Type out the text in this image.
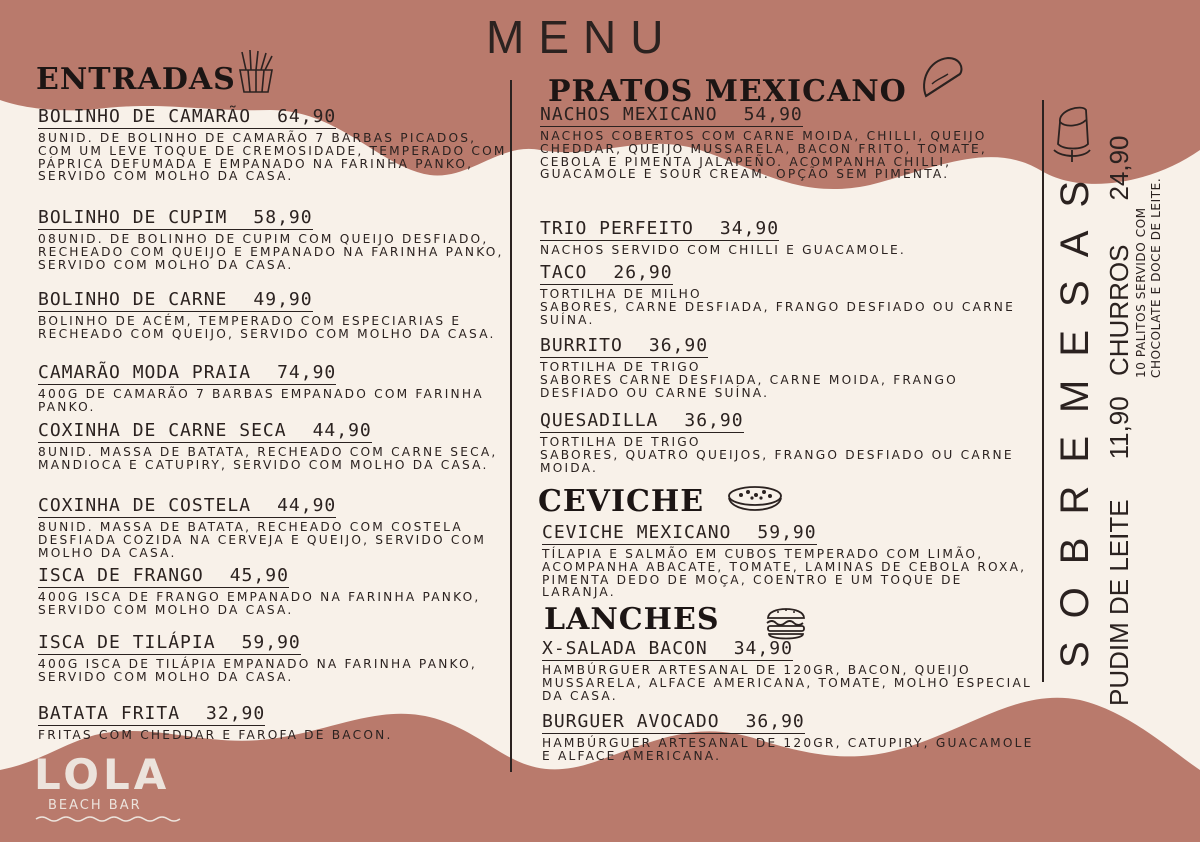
MENU
LOLA
BEACH BAR
ENTRADAS
BOLINHO DE CAMARÃO 64,90

8UNID. DE BOLINHO DE CAMARÃO 7 BARBAS PICADOS, COM UM LEVE TOQUE DE CREMOSIDADE, TEMPERADO COM PÁPRICA DEFUMADA E EMPANADO NA FARINHA PANKO, SERVIDO COM MOLHO DA CASA.

BOLINHO DE CUPIM 58,90

08UNID. DE BOLINHO DE CUPIM COM QUEIJO DESFIADO, RECHEADO COM QUEIJO E EMPANADO NA FARINHA PANKO, SERVIDO COM MOLHO DA CASA.

BOLINHO DE CARNE 49,90

BOLINHO DE ACÉM, TEMPERADO COM ESPECIARIAS E RECHEADO COM QUEIJO, SERVIDO COM MOLHO DA CASA.

CAMARÃO MODA PRAIA 74,90

400G DE CAMARÃO 7 BARBAS EMPANADO COM FARINHA PANKO.

COXINHA DE CARNE SECA 44,90

8UNID. MASSA DE BATATA, RECHEADO COM CARNE SECA, MANDIOCA E CATUPIRY, SERVIDO COM MOLHO DA CASA.

COXINHA DE COSTELA 44,90

8UNID. MASSA DE BATATA, RECHEADO COM COSTELA DESFIADA COZIDA NA CERVEJA E QUEIJO, SERVIDO COM MOLHO DA CASA.

ISCA DE FRANGO 45,90

400G ISCA DE FRANGO EMPANADO NA FARINHA PANKO, SERVIDO COM MOLHO DA CASA.

ISCA DE TILÁPIA 59,90

400G ISCA DE TILÁPIA EMPANADO NA FARINHA PANKO, SERVIDO COM MOLHO DA CASA.

BATATA FRITA 32,90

FRITAS COM CHEDDAR E FAROFA DE BACON.

PRATOS MEXICANO
NACHOS MEXICANO 54,90

NACHOS COBERTOS COM CARNE MOIDA, CHILLI, QUEIJO CHEDDAR, QUEIJO MUSSARELA, BACON FRITO, TOMATE, CEBOLA E PIMENTA JALAPEÑO. ACOMPANHA CHILLI, GUACAMOLE E SOUR CREAM. OPÇÃO SEM PIMENTA.

TRIO PERFEITO 34,90

NACHOS SERVIDO COM CHILLI E GUACAMOLE.

TACO 26,90

TORTILHA DE MILHO
SABORES, CARNE DESFIADA, FRANGO DESFIADO OU CARNE SUÍNA.

BURRITO 36,90

TORTILHA DE TRIGO
SABORES CARNE DESFIADA, CARNE MOIDA, FRANGO DESFIADO OU CARNE SUÍNA.

QUESADILLA 36,90

TORTILHA DE TRIGO
SABORES, QUATRO QUEIJOS, FRANGO DESFIADO OU CARNE MOIDA.

CEVICHE
CEVICHE MEXICANO 59,90

TÍLAPIA E SALMÃO EM CUBOS TEMPERADO COM LIMÃO, ACOMPANHA ABACATE, TOMATE, LAMINAS DE CEBOLA ROXA, PIMENTA DEDO DE MOÇA, COENTRO E UM TOQUE DE LARANJA.

LANCHES
X-SALADA BACON 34,90

HAMBÚRGUER ARTESANAL DE 120GR, BACON, QUEIJO MUSSARELA, ALFACE AMERICANA, TOMATE, MOLHO ESPECIAL DA CASA.

BURGUER AVOCADO 36,90

HAMBÚRGUER ARTESANAL DE 120GR, CATUPIRY, GUACAMOLE E ALFACE AMERICANA.

SOBREMESAS PUDIM DE LEITE11,90
CHURROS24,90
10 PALITOS SERVIDO COM CHOCOLATE E DOCE DE LEITE.
